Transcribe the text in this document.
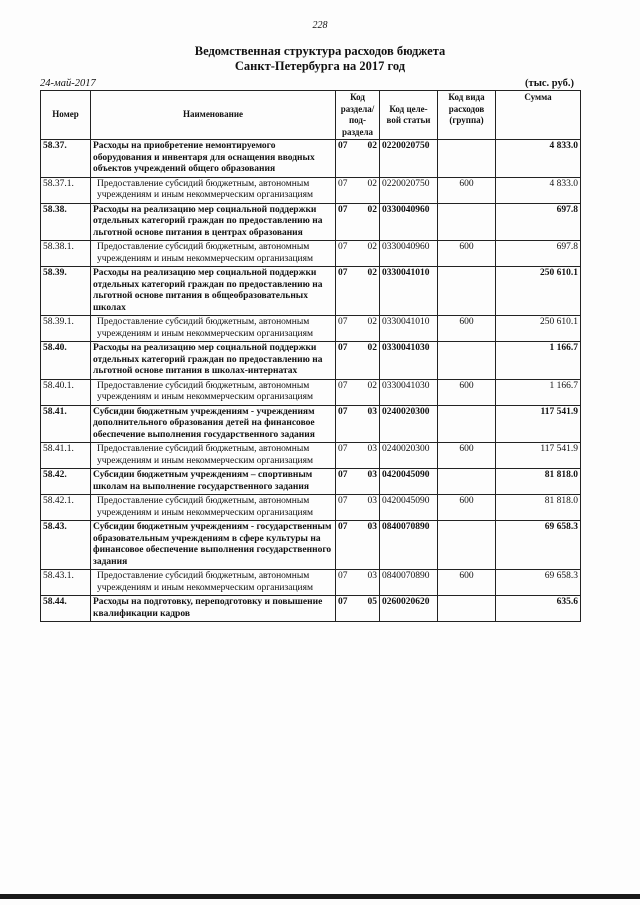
228
Ведомственная структура расходов бюджета
Санкт-Петербурга на 2017 год
24-май-2017	(тыс. руб.)
Номер	Наименование	Код раздела/ под- раздела	Код целе- вой статьи	Код вида расходов (группа)	Сумма
58.37.	Расходы на приобретение немонтируемого оборудования и инвентаря для оснащения вводных объектов учреждений общего образования	07 02	0220020750		4 833.0
58.37.1.	Предоставление субсидий бюджетным, автономным учреждениям и иным некоммерческим организациям	07 02	0220020750	600	4 833.0
58.38.	Расходы на реализацию мер социальной поддержки отдельных категорий граждан по предоставлению на льготной основе питания в центрах образования	07 02	0330040960		697.8
58.38.1.	Предоставление субсидий бюджетным, автономным учреждениям и иным некоммерческим организациям	07 02	0330040960	600	697.8
58.39.	Расходы на реализацию мер социальной поддержки отдельных категорий граждан по предоставлению на льготной основе питания в общеобразовательных школах	07 02	0330041010		250 610.1
58.39.1.	Предоставление субсидий бюджетным, автономным учреждениям и иным некоммерческим организациям	07 02	0330041010	600	250 610.1
58.40.	Расходы на реализацию мер социальной поддержки отдельных категорий граждан по предоставлению на льготной основе питания в школах-интернатах	07 02	0330041030		1 166.7
58.40.1.	Предоставление субсидий бюджетным, автономным учреждениям и иным некоммерческим организациям	07 02	0330041030	600	1 166.7
58.41.	Субсидии бюджетным учреждениям - учреждениям дополнительного образования детей на финансовое обеспечение выполнения государственного задания	07 03	0240020300		117 541.9
58.41.1.	Предоставление субсидий бюджетным, автономным учреждениям и иным некоммерческим организациям	07 03	0240020300	600	117 541.9
58.42.	Субсидии бюджетным учреждениям – спортивным школам на выполнение государственного задания	07 03	0420045090		81 818.0
58.42.1.	Предоставление субсидий бюджетным, автономным учреждениям и иным некоммерческим организациям	07 03	0420045090	600	81 818.0
58.43.	Субсидии бюджетным учреждениям - государственным образовательным учреждениям в сфере культуры на финансовое обеспечение выполнения государственного задания	07 03	0840070890		69 658.3
58.43.1.	Предоставление субсидий бюджетным, автономным учреждениям и иным некоммерческим организациям	07 03	0840070890	600	69 658.3
58.44.	Расходы на подготовку, переподготовку и повышение квалификации кадров	07 05	0260020620		635.6
